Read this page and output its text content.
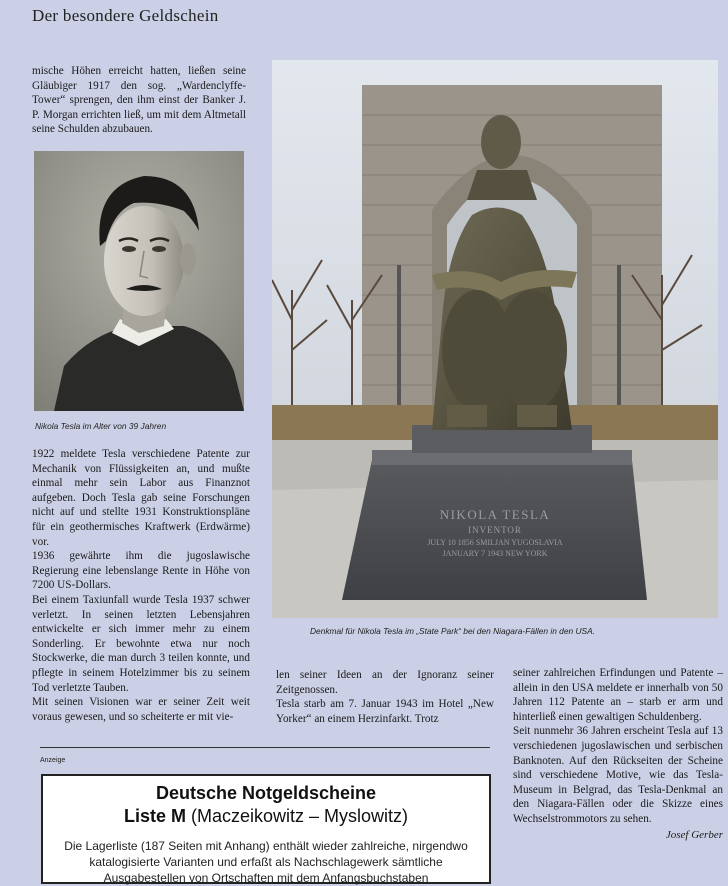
Der besondere Geldschein

mische Höhen erreicht hatten, ließen seine Gläubiger 1917 den sog. „Wardenclyffe-Tower“ sprengen, den ihm einst der Banker J. P. Morgan errichten ließ, um mit dem Altmetall seine Schulden abzubauen.

Nikola Tesla im Alter von 39 Jahren
NIKOLA TESLA
INVENTOR
JULY 10 1856 SMILJAN YUGOSLAVIA
JANUARY 7 1943 NEW YORK
Denkmal für Nikola Tesla im „State Park“ bei den Niagara-Fällen in den USA.

1922 meldete Tesla verschiedene Patente zur Mechanik von Flüssigkeiten an, und mußte einmal mehr sein Labor aus Finanznot aufgeben. Doch Tesla gab seine Forschungen nicht auf und stellte 1931 Konstruktionspläne für ein geothermisches Kraftwerk (Erdwärme) vor.

1936 gewährte ihm die jugoslawische Regierung eine lebenslange Rente in Höhe von 7200 US-Dollars.

Bei einem Taxiunfall wurde Tesla 1937 schwer verletzt. In seinen letzten Lebensjahren entwickelte er sich immer mehr zu einem Sonderling. Er bewohnte etwa nur noch Stockwerke, die man durch 3 teilen konnte, und pflegte in seinem Hotelzimmer bis zu seinem Tod verletzte Tauben.

Mit seinen Visionen war er seiner Zeit weit voraus gewesen, und so scheiterte er mit vie-

len seiner Ideen an der Ignoranz seiner Zeitgenossen.

Tesla starb am 7. Januar 1943 im Hotel „New Yorker“ an einem Herzinfarkt. Trotz

seiner zahlreichen Erfindungen und Patente – allein in den USA meldete er innerhalb von 50 Jahren 112 Patente an – starb er arm und hinterließ einen gewaltigen Schuldenberg.

Seit nunmehr 36 Jahren erscheint Tesla auf 13 verschiedenen jugoslawischen und serbischen Banknoten. Auf den Rückseiten der Scheine sind verschiedene Motive, wie das Tesla-Museum in Belgrad, das Tesla-Denkmal an den Niagara-Fällen oder die Skizze eines Wechselstrommotors zu sehen.

Josef Gerber
Anzeige
Deutsche Notgeldscheine
Liste M (Maczeikowitz – Myslowitz)
Die Lagerliste (187 Seiten mit Anhang) enthält wieder zahlreiche, nirgendwo katalogisierte Varianten und erfaßt als Nachschlagewerk sämtliche Ausgabestellen von Ortschaften mit dem Anfangsbuchstaben
